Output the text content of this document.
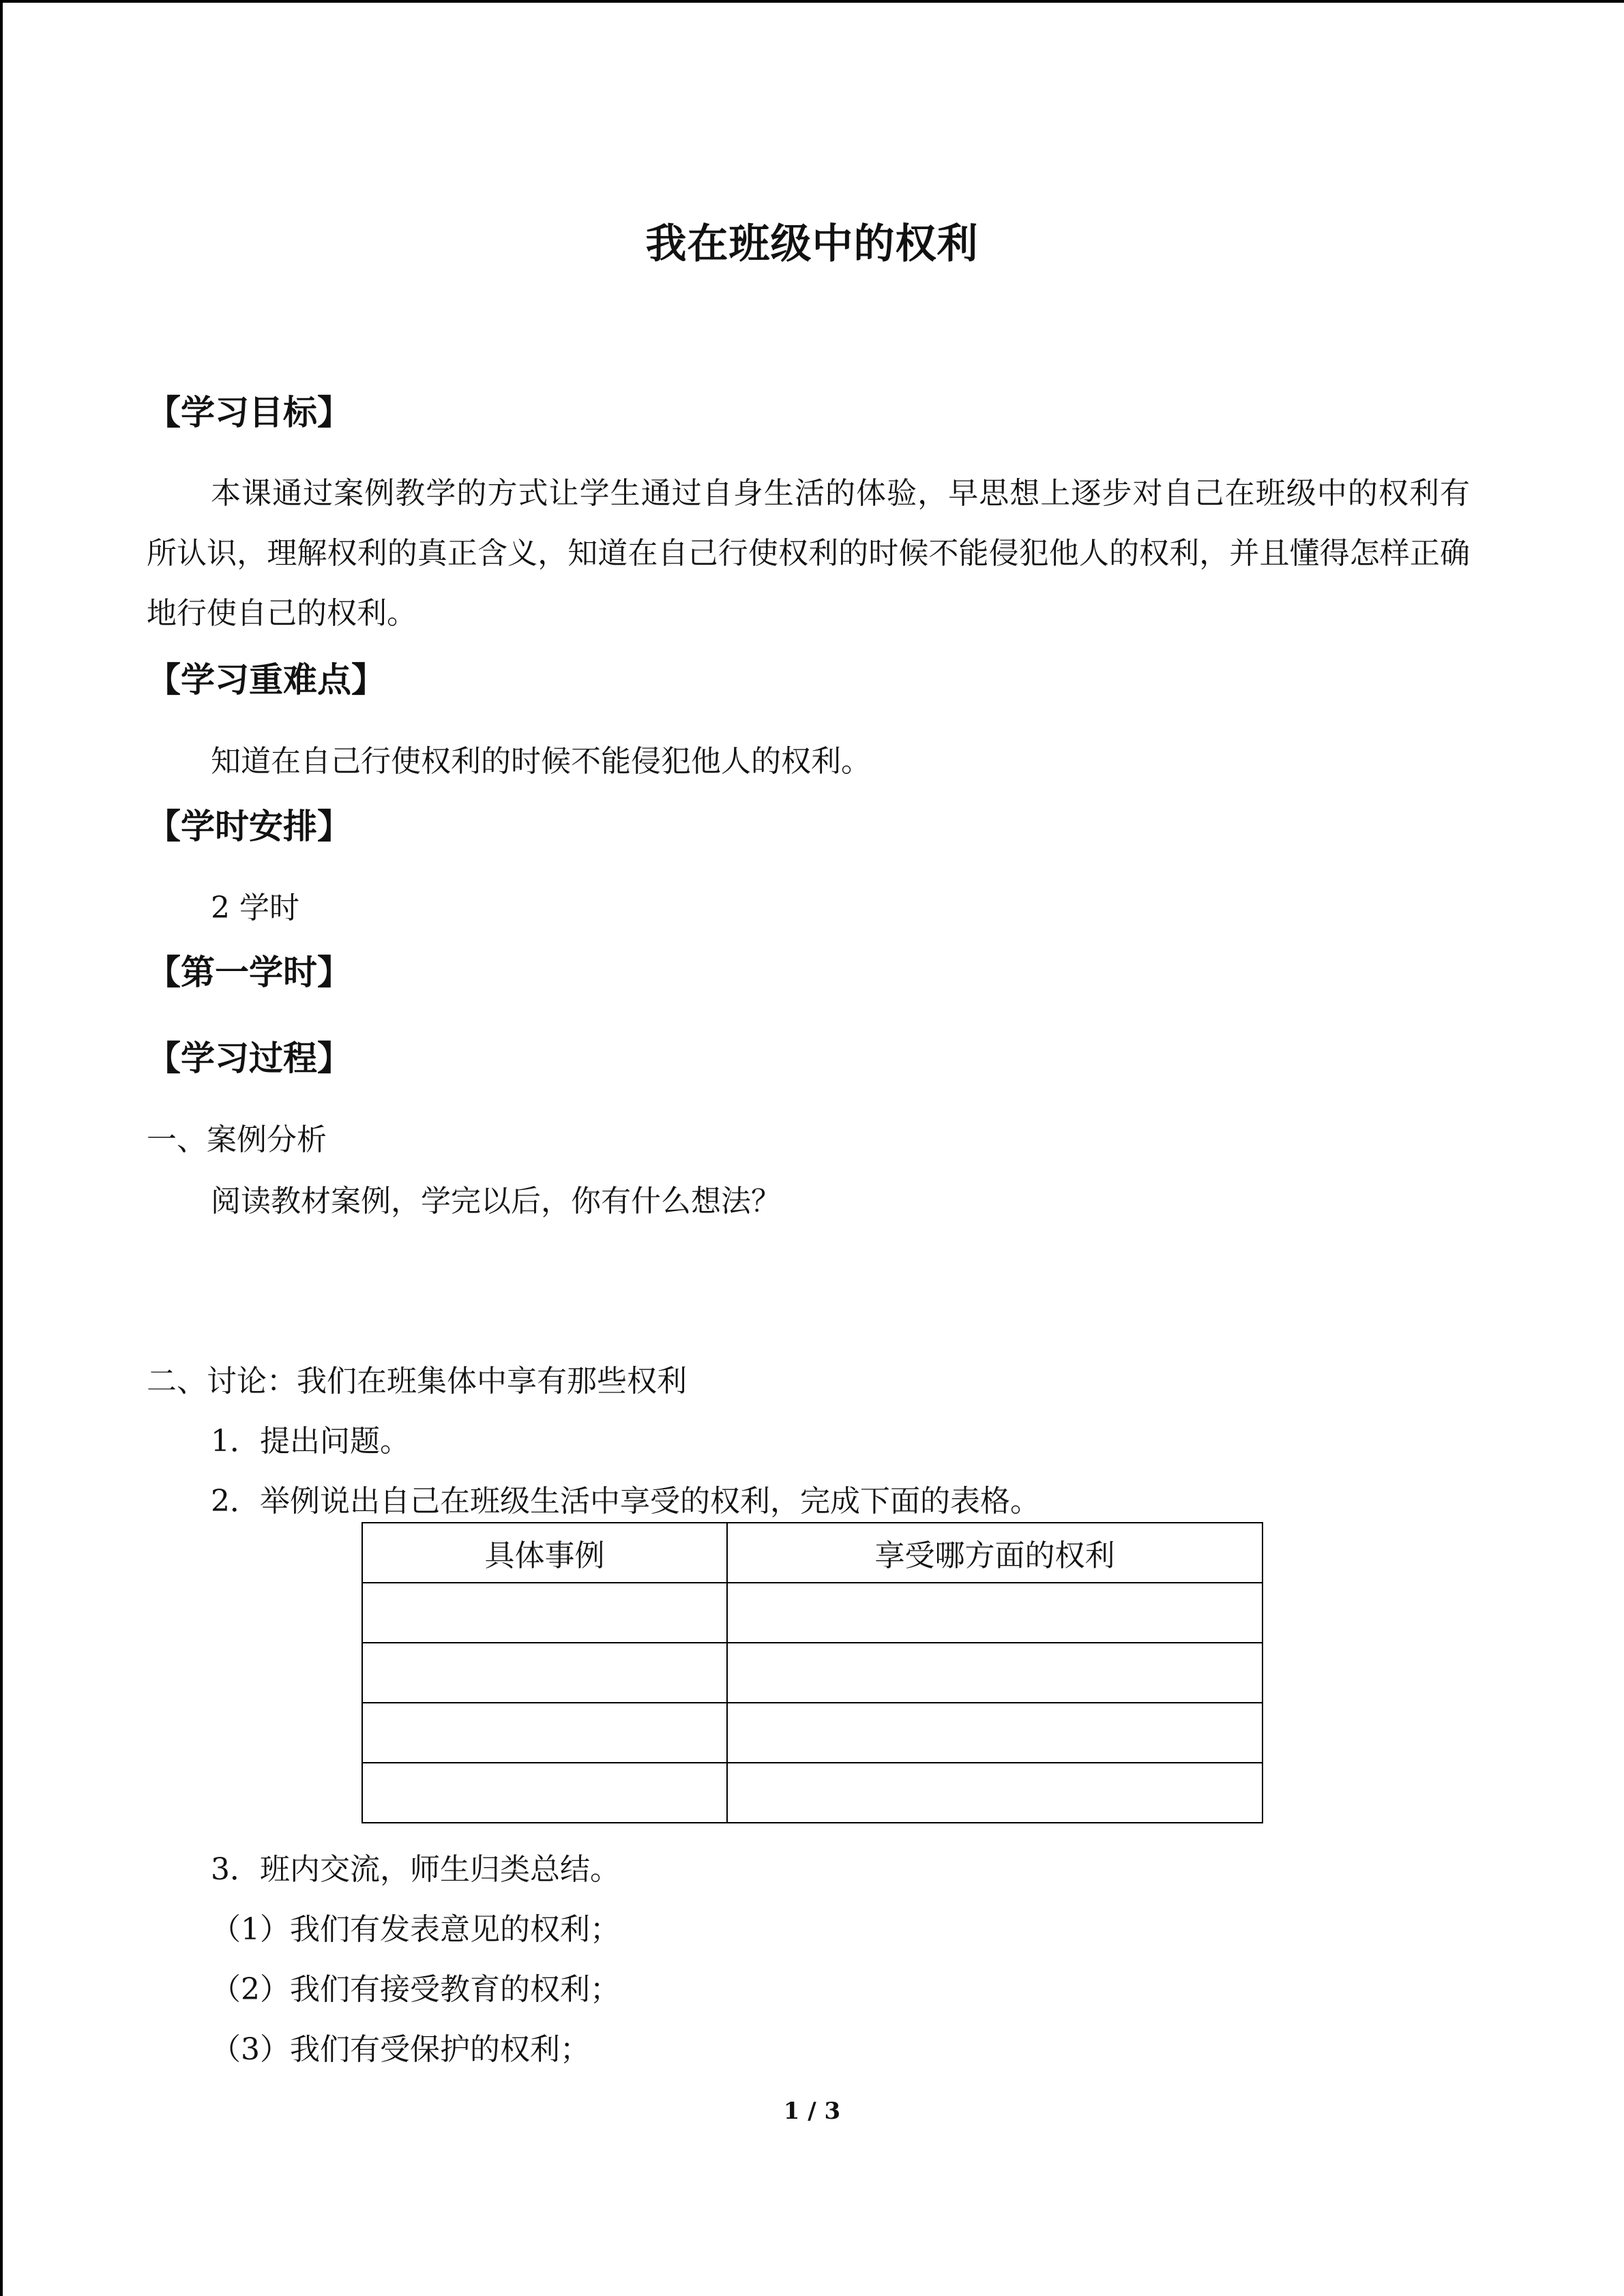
我在班级中的权利
【学习目标】
本课通过案例教学的方式让学生通过自身生活的体验，早思想上逐步对自己在班级中的权利有所认识，理解权利的真正含义，知道在自己行使权利的时候不能侵犯他人的权利，并且懂得怎样正确地行使自己的权利。
【学习重难点】
知道在自己行使权利的时候不能侵犯他人的权利。
【学时安排】
2 学时
【第一学时】
【学习过程】
一、案例分析
阅读教材案例，学完以后，你有什么想法？
二、讨论：我们在班集体中享有那些权利
1．提出问题。
2．举例说出自己在班级生活中享受的权利，完成下面的表格。
具体事例	享受哪方面的权利

3．班内交流，师生归类总结。
（1）我们有发表意见的权利；
（2）我们有接受教育的权利；
（3）我们有受保护的权利；
1 / 3
